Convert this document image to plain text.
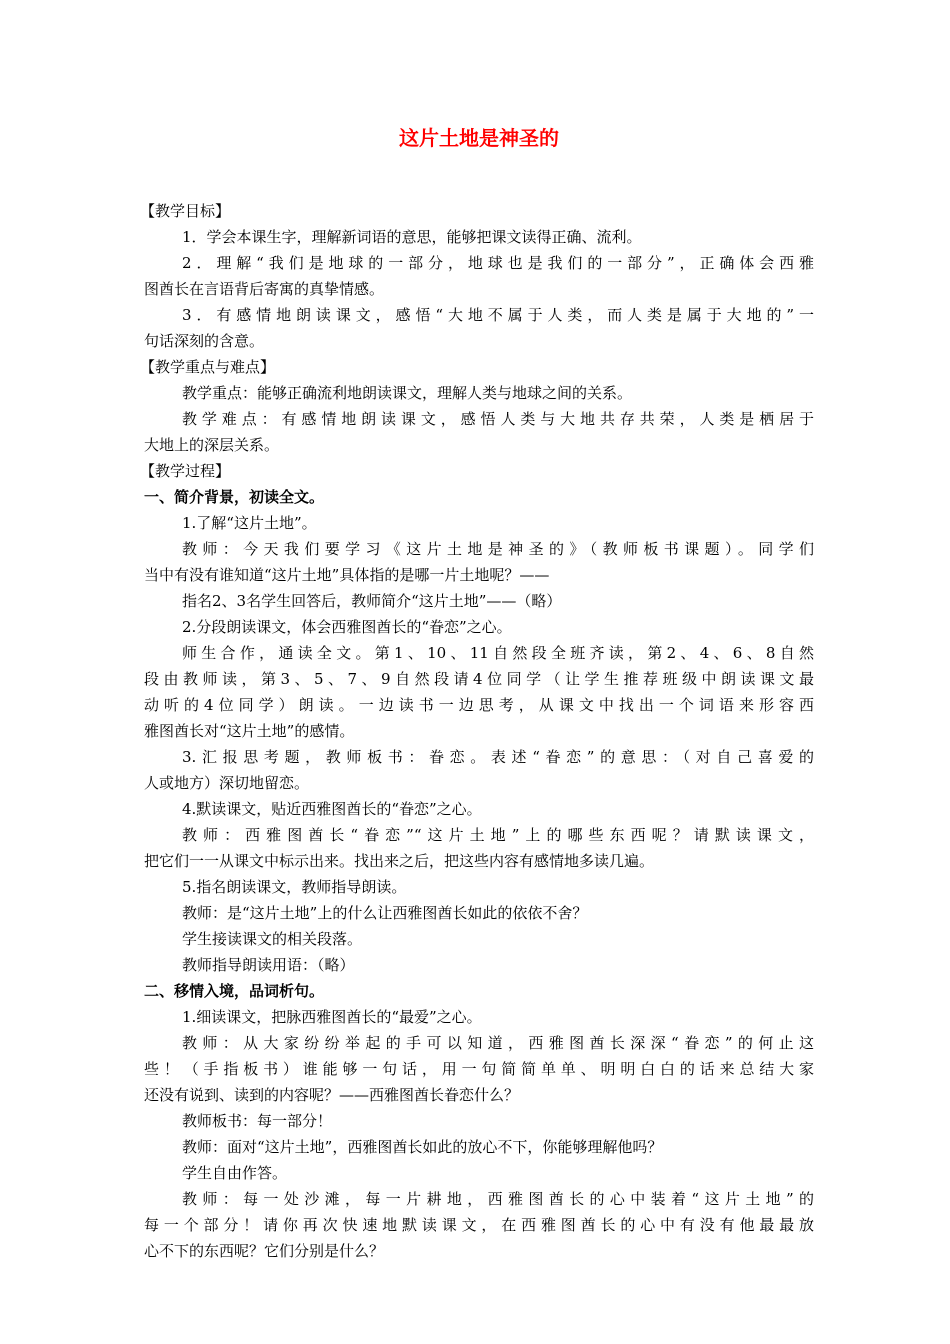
这片土地是神圣的
【教学目标】
1．学会本课生字，理解新词语的意思，能够把课文读得正确、流利。
2．理解“我们是地球的一部分，地球也是我们的一部分”，正确体会西雅
图酋长在言语背后寄寓的真挚情感。
3．有感情地朗读课文，感悟“大地不属于人类，而人类是属于大地的”一
句话深刻的含意。
【教学重点与难点】
教学重点：能够正确流利地朗读课文，理解人类与地球之间的关系。
教学难点：有感情地朗读课文，感悟人类与大地共存共荣，人类是栖居于
大地上的深层关系。
【教学过程】
一、简介背景，初读全文。
1.了解“这片土地”。
教师：今天我们要学习《这片土地是神圣的》（教师板书课题）。同学们
当中有没有谁知道“这片土地”具体指的是哪一片土地呢？——
指名2、3名学生回答后，教师简介“这片土地”——（略）
2.分段朗读课文，体会西雅图酋长的“眷恋”之心。
师生合作，通读全文。第1、10、11自然段全班齐读，第2、4、6、8自然
段由教师读，第3、5、7、9自然段请4位同学（让学生推荐班级中朗读课文最
动听的4位同学）朗读。一边读书一边思考，从课文中找出一个词语来形容西
雅图酋长对“这片土地”的感情。
3.汇报思考题，教师板书：眷恋。表述“眷恋”的意思：（对自己喜爱的
人或地方）深切地留恋。
4.默读课文，贴近西雅图酋长的“眷恋”之心。
教师：西雅图酋长“眷恋”“这片土地”上的哪些东西呢？请默读课文，
把它们一一从课文中标示出来。找出来之后，把这些内容有感情地多读几遍。
5.指名朗读课文，教师指导朗读。
教师：是“这片土地”上的什么让西雅图酋长如此的依依不舍？
学生接读课文的相关段落。
教师指导朗读用语：（略）
二、移情入境，品词析句。
1.细读课文，把脉西雅图酋长的“最爱”之心。
教师：从大家纷纷举起的手可以知道，西雅图酋长深深“眷恋”的何止这
些！（手指板书）谁能够一句话，用一句简简单单、明明白白的话来总结大家
还没有说到、读到的内容呢？——西雅图酋长眷恋什么？
教师板书：每一部分！
教师：面对“这片土地”，西雅图酋长如此的放心不下，你能够理解他吗？
学生自由作答。
教师：每一处沙滩，每一片耕地，西雅图酋长的心中装着“这片土地”的
每一个部分！请你再次快速地默读课文，在西雅图酋长的心中有没有他最最放
心不下的东西呢？它们分别是什么？
